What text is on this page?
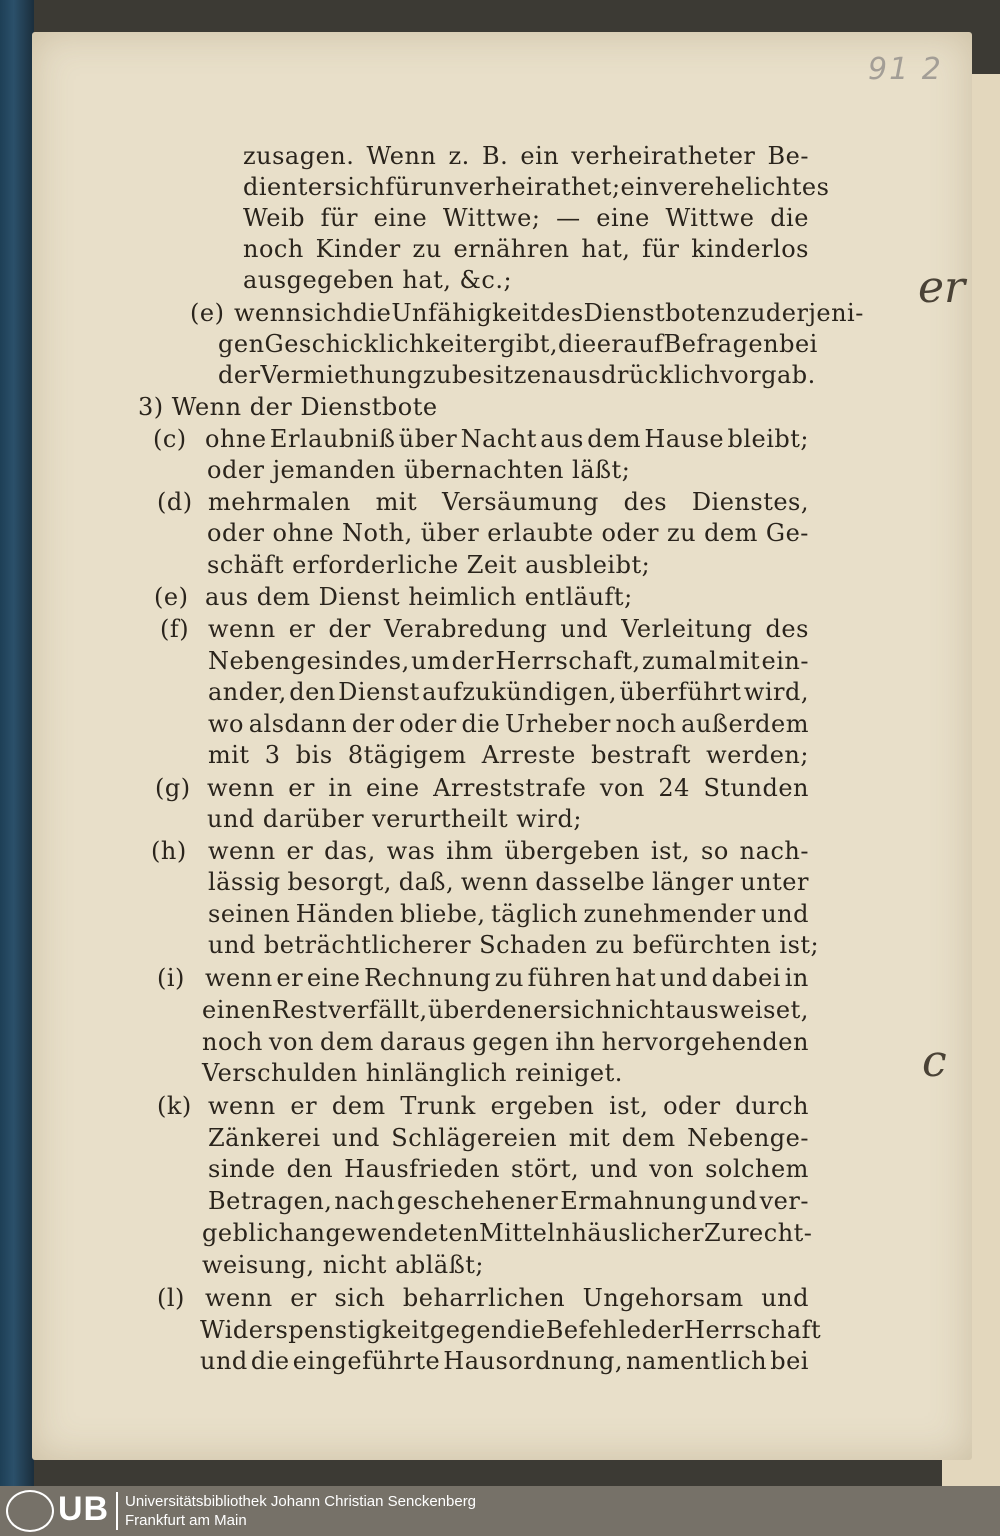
91 2
er
c
zusagen. Wenn z. B. ein verheiratheter Be-
dienter sich für unverheirathet; ein verehelichtes
Weib für eine Wittwe; — eine Wittwe die
noch Kinder zu ernähren hat, für kinderlos
ausgegeben hat, &c.;
(e) wenn sich die Unfähigkeit des Dienstboten zu derjeni-
gen Geschicklichkeit ergibt, die er auf Befragen bei
der Vermiethung zu besitzen ausdrücklich vorgab.
3) Wenn der Dienstbote
(c) ohne Erlaubniß über Nacht aus dem Hause bleibt;
oder jemanden übernachten läßt;
(d) mehrmalen mit Versäumung des Dienstes,
oder ohne Noth, über erlaubte oder zu dem Ge-
schäft erforderliche Zeit ausbleibt;
(e) aus dem Dienst heimlich entläuft;
(f) wenn er der Verabredung und Verleitung des
Nebengesindes, um der Herrschaft, zumal mit ein-
ander, den Dienst aufzukündigen, überführt wird,
wo alsdann der oder die Urheber noch außerdem
mit 3 bis 8tägigem Arreste bestraft werden;
(g) wenn er in eine Arreststrafe von 24 Stunden
und darüber verurtheilt wird;
(h) wenn er das, was ihm übergeben ist, so nach-
lässig besorgt, daß, wenn dasselbe länger unter
seinen Händen bliebe, täglich zunehmender und
und beträchtlicherer Schaden zu befürchten ist;
(i) wenn er eine Rechnung zu führen hat und dabei in
einen Rest verfällt, über den er sich nicht ausweiset,
noch von dem daraus gegen ihn hervorgehenden
Verschulden hinlänglich reiniget.
(k) wenn er dem Trunk ergeben ist, oder durch
Zänkerei und Schlägereien mit dem Nebenge-
sinde den Hausfrieden stört, und von solchem
Betragen, nach geschehener Ermahnung und ver-
geblich angewendeten Mitteln häuslicher Zurecht-
weisung, nicht abläßt;
(l) wenn er sich beharrlichen Ungehorsam und
Widerspenstigkeit gegen die Befehle der Herrschaft
und die eingeführte Hausordnung, namentlich bei
UB Universitätsbibliothek Johann Christian Senckenberg
Frankfurt am Main
